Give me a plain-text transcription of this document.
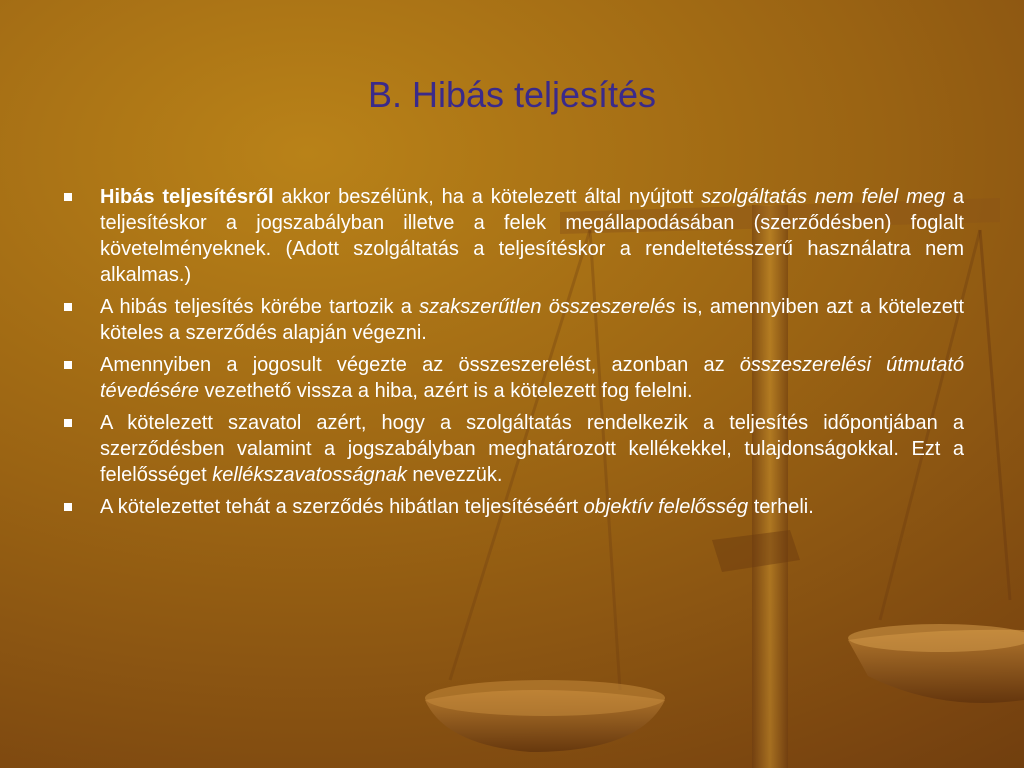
B. Hibás teljesítés
Hibás teljesítésről akkor beszélünk, ha a kötelezett által nyújtott szolgáltatás nem felel meg a teljesítéskor a jogszabályban illetve a felek megállapodásában (szerződésben) foglalt követelményeknek. (Adott szolgáltatás a teljesítéskor a rendeltetésszerű használatra nem alkalmas.)
A hibás teljesítés körébe tartozik a szakszerűtlen összeszerelés is, amennyiben azt a kötelezett köteles a szerződés alapján végezni.
Amennyiben a jogosult végezte az összeszerelést, azonban az összeszerelési útmutató tévedésére vezethető vissza a hiba, azért is a kötelezett fog felelni.
A kötelezett szavatol azért, hogy a szolgáltatás rendelkezik a teljesítés időpontjában a szerződésben valamint a jogszabályban meghatározott kellékekkel, tulajdonságokkal. Ezt a felelősséget kellékszavatosságnak nevezzük.
A kötelezettet tehát a szerződés hibátlan teljesítéséért objektív felelősség terheli.
